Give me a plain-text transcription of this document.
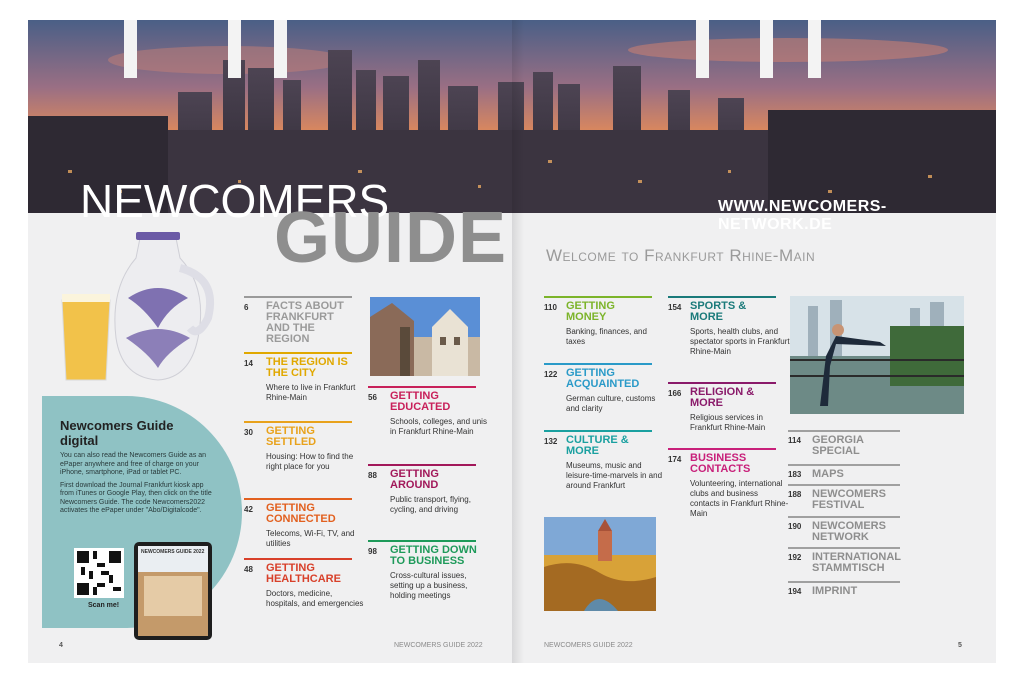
WWW.NEWCOMERS-NETWORK.DE
NEWCOMERS
GUIDE Welcome to Frankfurt Rhine-Main
Newcomers Guide digital

You can also read the Newcomers Guide as an ePaper anywhere and free of charge on your iPhone, smartphone, iPad or tablet PC.

First download the Journal Frankfurt kiosk app from iTunes or Google Play, then click on the title Newcomers Guide. The code Newcomers2022 activates the ePaper under "Abo/Digitalcode".

Scan me!
NEWCOMERS GUIDE 2022
6 FACTS ABOUT FRANKFURT AND THE REGION
14 THE REGION IS THE CITY
Where to live in Frankfurt Rhine-Main
30 GETTING SETTLED
Housing: How to find the right place for you
42 GETTING CONNECTED
Telecoms, Wi-Fi, TV, and utilities
48 GETTING HEALTHCARE
Doctors, medicine, hospitals, and emergencies
56 GETTING EDUCATED
Schools, colleges, and unis in Frankfurt Rhine-Main
88 GETTING AROUND
Public transport, flying, cycling, and driving
98 GETTING DOWN TO BUSINESS
Cross-cultural issues, setting up a business, holding meetings
110 GETTING MONEY
Banking, finances, and taxes
122 GETTING ACQUAINTED
German culture, customs and clarity
132 CULTURE & MORE
Museums, music and leisure-time-marvels in and around Frankfurt
154 SPORTS & MORE
Sports, health clubs, and spectator sports in Frankfurt Rhine-Main
166 RELIGION & MORE
Religious services in Frankfurt Rhine-Main
174 BUSINESS CONTACTS
Volunteering, international clubs and business contacts in Frankfurt Rhine-Main
114 GEORGIA SPECIAL
183 MAPS
188 NEWCOMERS FESTIVAL
190 NEWCOMERS NETWORK
192 INTERNATIONAL STAMMTISCH
194 IMPRINT
4	NEWCOMERS GUIDE 2022	NEWCOMERS GUIDE 2022	5
